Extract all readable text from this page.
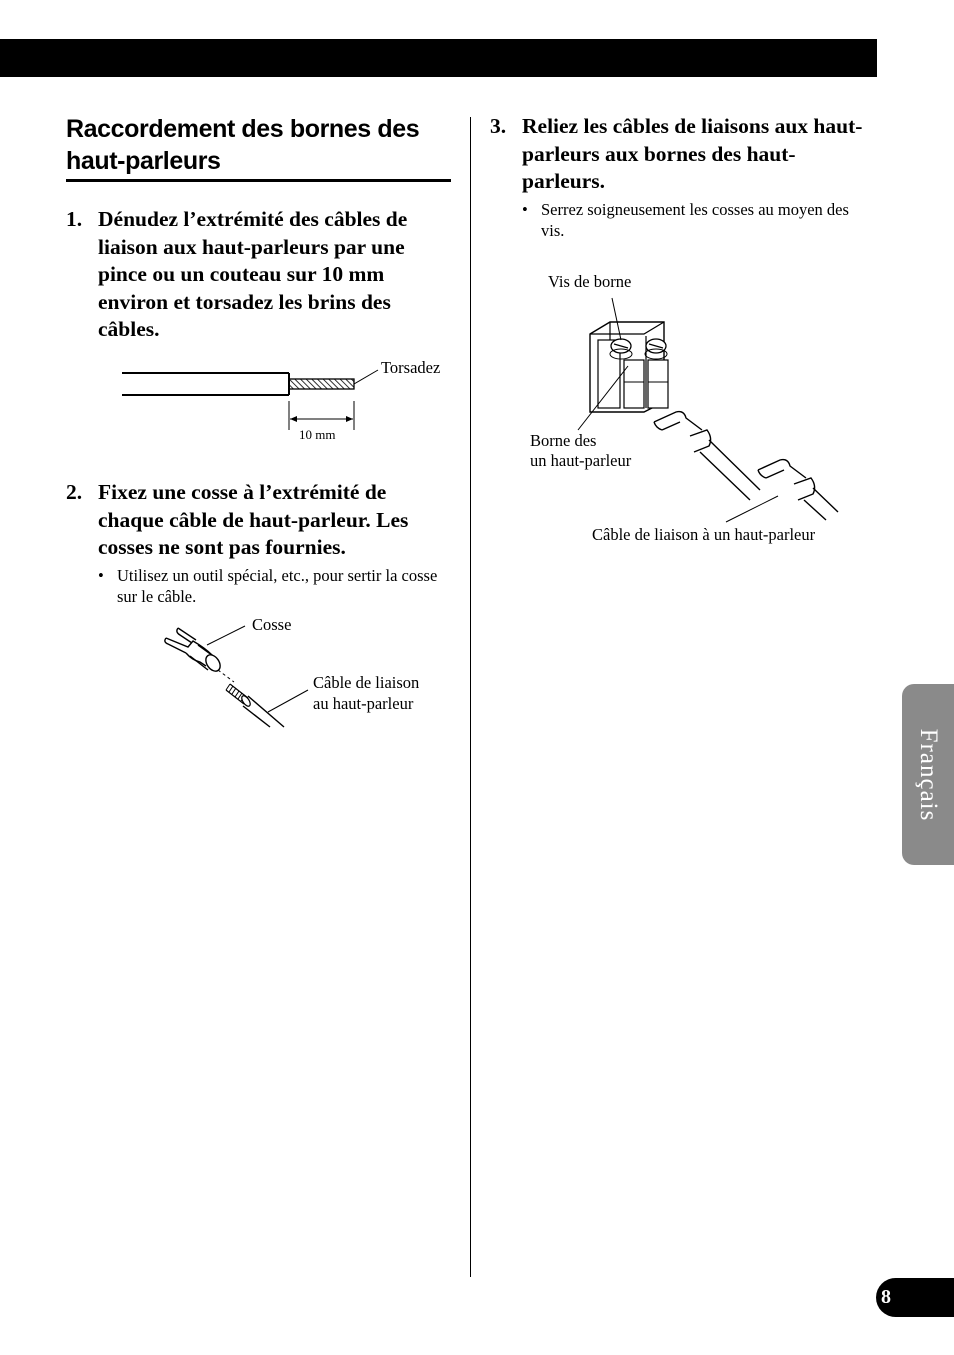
Raccordement des bornes des haut-parleurs
1. Dénudez l’extrémité des câbles de liaison aux haut-parleurs par une pince ou un couteau sur 10 mm environ et torsadez les brins des câbles.
Torsadez
10 mm
2. Fixez une cosse à l’extrémité de chaque câble de haut-parleur. Les cosses ne sont pas fournies.
• Utilisez un outil spécial, etc., pour sertir la cosse sur le câble.
Cosse
Câble de liaison
au haut-parleur
3. Reliez les câbles de liaisons aux haut-parleurs aux bornes des haut-parleurs.
• Serrez soigneusement les cosses au moyen des vis.
Vis de borne
Borne des
un haut-parleur
Câble de liaison à un haut-parleur
Français
8
